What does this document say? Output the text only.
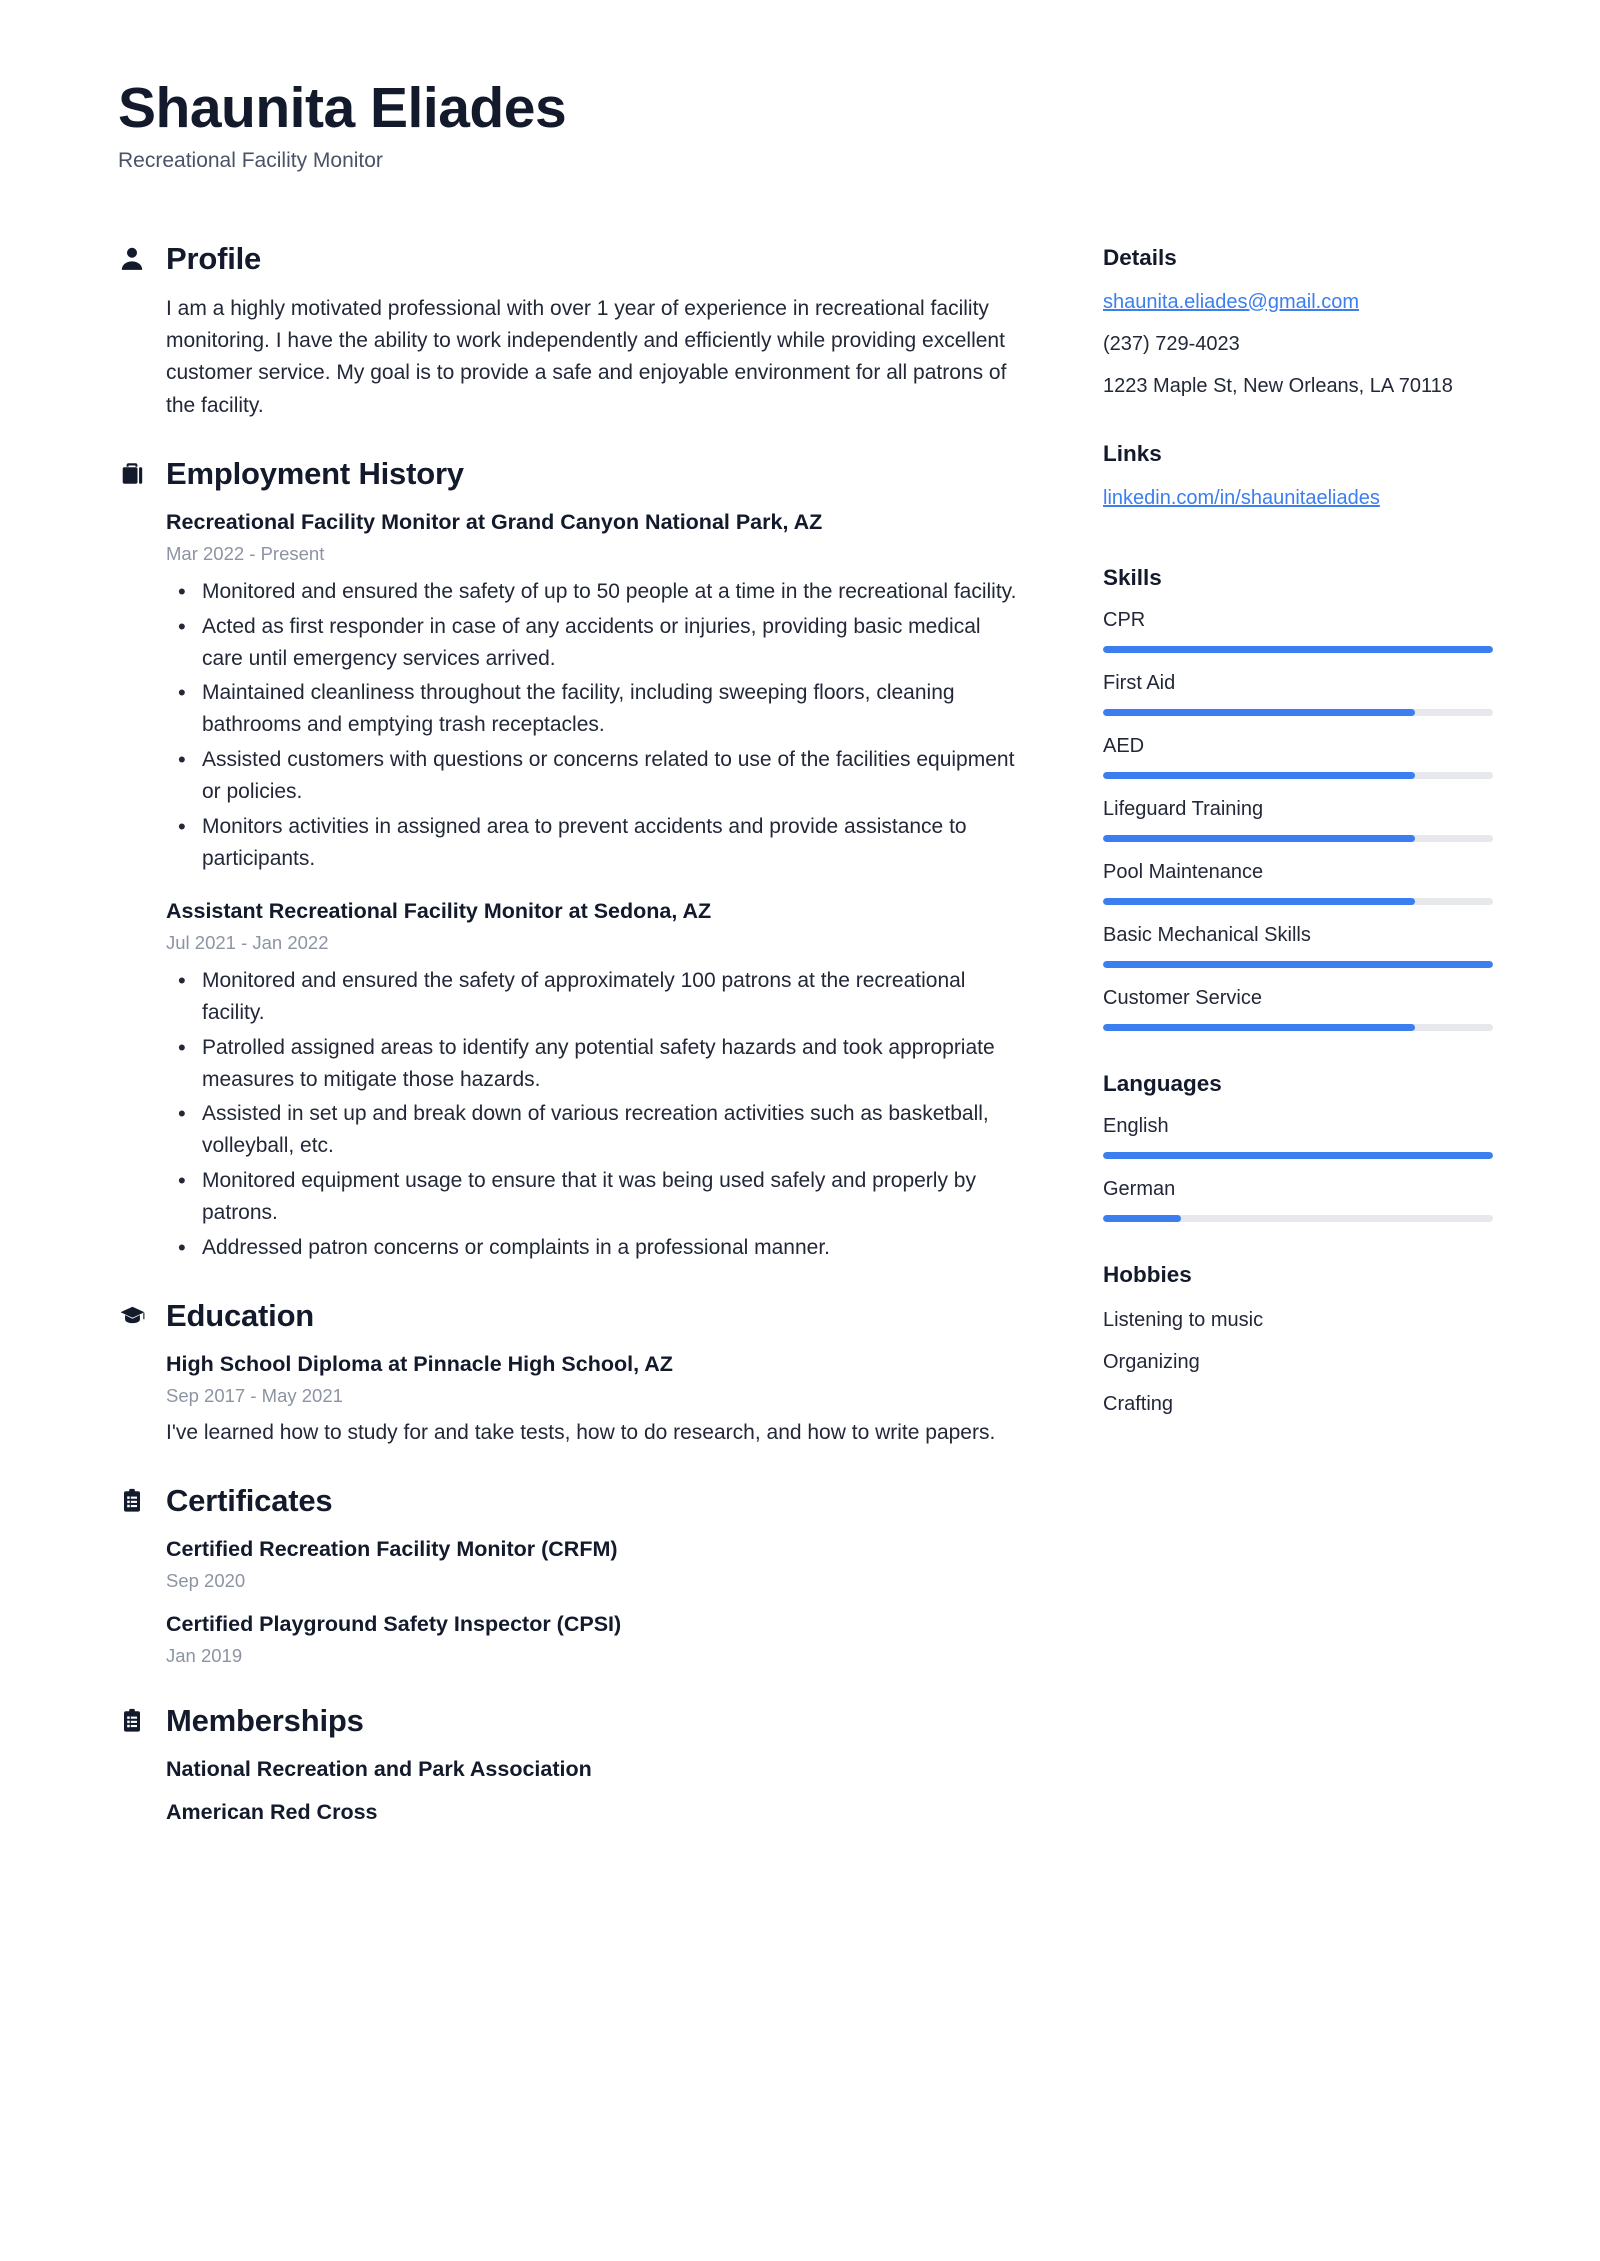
Shaunita Eliades
Recreational Facility Monitor
Profile

I am a highly motivated professional with over 1 year of experience in recreational facility monitoring. I have the ability to work independently and efficiently while providing excellent customer service. My goal is to provide a safe and enjoyable environment for all patrons of the facility.

Employment History
Recreational Facility Monitor at Grand Canyon National Park, AZ
Mar 2022 - Present
• Monitored and ensured the safety of up to 50 people at a time in the recreational facility.
• Acted as first responder in case of any accidents or injuries, providing basic medical care until emergency services arrived.
• Maintained cleanliness throughout the facility, including sweeping floors, cleaning bathrooms and emptying trash receptacles.
• Assisted customers with questions or concerns related to use of the facilities equipment or policies.
• Monitors activities in assigned area to prevent accidents and provide assistance to participants.
Assistant Recreational Facility Monitor at Sedona, AZ
Jul 2021 - Jan 2022
• Monitored and ensured the safety of approximately 100 patrons at the recreational facility.
• Patrolled assigned areas to identify any potential safety hazards and took appropriate measures to mitigate those hazards.
• Assisted in set up and break down of various recreation activities such as basketball, volleyball, etc.
• Monitored equipment usage to ensure that it was being used safely and properly by patrons.
• Addressed patron concerns or complaints in a professional manner.
Education
High School Diploma at Pinnacle High School, AZ
Sep 2017 - May 2021
I've learned how to study for and take tests, how to do research, and how to write papers.
Certificates
Certified Recreation Facility Monitor (CRFM)
Sep 2020
Certified Playground Safety Inspector (CPSI)
Jan 2019
Memberships
National Recreation and Park Association
American Red Cross
Details
shaunita.eliades@gmail.com
(237) 729-4023
1223 Maple St, New Orleans, LA 70118
Links
linkedin.com/in/shaunitaeliades
Skills
CPR
First Aid
AED
Lifeguard Training
Pool Maintenance
Basic Mechanical Skills
Customer Service
Languages
English
German
Hobbies
Listening to music
Organizing
Crafting
